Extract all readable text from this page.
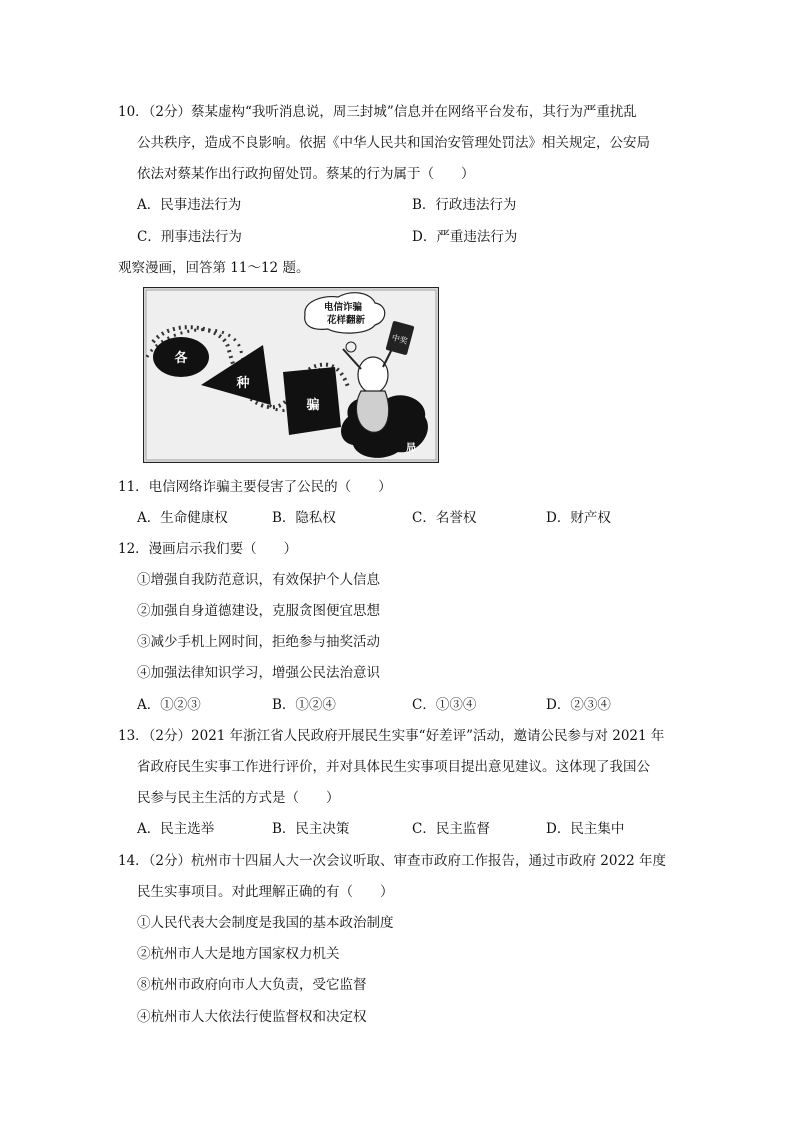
10．（2分）蔡某虚构“我听消息说，周三封城”信息并在网络平台发布，其行为严重扰乱
公共秩序，造成不良影响。依据《中华人民共和国治安管理处罚法》相关规定，公安局
依法对蔡某作出行政拘留处罚。蔡某的行为属于（　　）
A．民事违法行为	B．行政违法行为
C．刑事违法行为	D．严重违法行为
观察漫画，回答第 11～12 题。
各
种
骗
局
中奖
电信诈骗
花样翻新
11．电信网络诈骗主要侵害了公民的（　　）
A．生命健康权	B．隐私权	C．名誉权	D．财产权
12．漫画启示我们要（　　）
①增强自我防范意识，有效保护个人信息
②加强自身道德建设，克服贪图便宜思想
③减少手机上网时间，拒绝参与抽奖活动
④加强法律知识学习，增强公民法治意识
A．①②③	B．①②④	C．①③④	D．②③④
13．（2分）2021 年浙江省人民政府开展民生实事“好差评”活动，邀请公民参与对 2021 年
省政府民生实事工作进行评价，并对具体民生实事项目提出意见建议。这体现了我国公
民参与民主生活的方式是（　　）
A．民主选举	B．民主决策	C．民主监督	D．民主集中
14．（2分）杭州市十四届人大一次会议听取、审查市政府工作报告，通过市政府 2022 年度
民生实事项目。对此理解正确的有（　　）
①人民代表大会制度是我国的基本政治制度
②杭州市人大是地方国家权力机关
⑧杭州市政府向市人大负责，受它监督
④杭州市人大依法行使监督权和决定权
